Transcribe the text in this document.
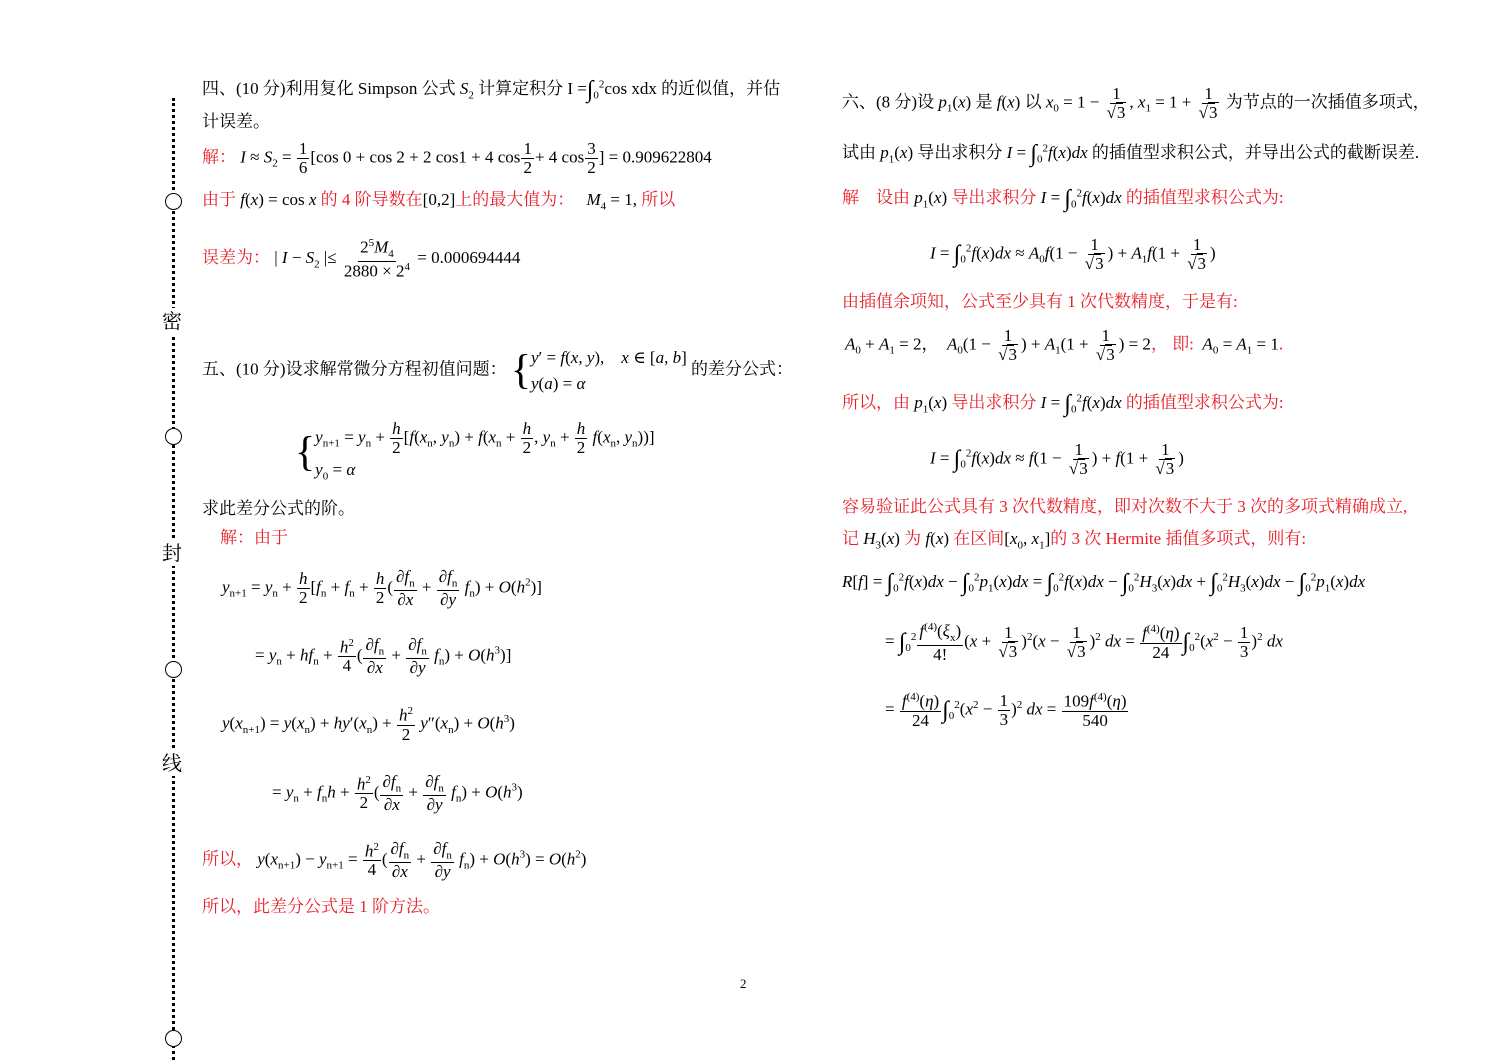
密
封
线
四、(10 分)利用复化 Simpson 公式 $S_2$ 计算定积分 $I =\int_0^2\cos$ xdx 的近似值，并估
计误差。
解： $I \approx S_2 = \frac{1}{6} [\cos$ 0 + cos 2 + 2 cos1 + 4 $\cos \frac{1}{2} + 4$ $\cos \frac{3}{2}$ ] = 0.909622804
由于 f(x) = cos x 的 4 阶导数在[0,2]上的最大值为： $M_4 = 1$, 所以
误差为： | $I - S_2$ |≤ $\frac{2^5M_4}{2880 \times 2^4} = 0.000694444$
五、(10 分)设求解常微分方程初值问题： { y′ = f(x, y),    x ∈ [a, b]
y(a) = α
的差分公式：
{ $y_{n+1} = y_n + \frac{h}{2} [f(x_n$, $y_n) + f(x_n + \frac{h}{2}$ , $y_n + \frac{h}{2} f(x_n$, $y_n$))]
$y_0 = \alpha$
求此差分公式的阶。
解：由于
$y_{n+1} = y_n + \frac{h}{2} [f_n + f_n + \frac{h}{2}$ ( $\frac{\partial f_n}{\partial x} + \frac{\partial f_n}{\partial y} f_n) + O(h^2)$]
= $y_n + hf_n + \frac{h^2}{4}$ ( $\frac{\partial f_n}{\partial x} + \frac{\partial f_n}{\partial y} f_n) + O(h^3)$]
$y(x_{n+1}) = y(x_n) + hy'(x_n) + \frac{h^2}{2} y''(x_n) + O(h^3)$
= $y_n + f_nh + \frac{h^2}{2}$ ( $\frac{\partial f_n}{\partial x} + \frac{\partial f_n}{\partial y} f_n) + O(h^3)$
所以， $y(x_{n+1}) - y_{n+1} = \frac{h^2}{4}$ ( $\frac{\partial f_n}{\partial x} + \frac{\partial f_n}{\partial y} f_n) + O(h^3) = O(h^2)$
所以，此差分公式是 1 阶方法。
六、(8 分)设 $p_1(x)$ 是 f(x) 以 $x_0 = 1 - \frac{1}{√3}$ , $x_1 = 1 + \frac{1}{√3}$ 为节点的一次插值多项式，
试由 $p_1(x)$ 导出求积分 $I = \int_0^2f(x)dx$ 的插值型求积公式，并导出公式的截断误差.
解　设由 $p_1(x)$ 导出求积分 $I = \int_0^2f(x)dx$ 的插值型求积公式为:
$I = \int_0^2f(x)dx \approx A_0f(1 - \frac{1}{√3}$ ) + $A_1f(1 + \frac{1}{√3}$ )
由插值余项知，公式至少具有 1 次代数精度，于是有:
$A_0 + A_1 = 2$，  $A_0(1 - \frac{1}{√3}$ ) + $A_1(1 + \frac{1}{√3}$ ) = 2， 即: $A_0 = A_1 = 1$.
所以，由 $p_1(x)$ 导出求积分 $I = \int_0^2f(x)dx$ 的插值型求积公式为:
$I = \int_0^2f(x)dx \approx f(1 - \frac{1}{√3}$ ) + $f(1 + \frac{1}{√3}$ )
容易验证此公式具有 3 次代数精度，即对次数不大于 3 次的多项式精确成立,
记 $H_3(x)$ 为 f(x) 在区间[$x_0$, $x_1$]的 3 次 Hermite 插值多项式，则有:
$R[f] = \int_0^2f(x)dx - \int_0^2p_1(x)dx = \int_0^2f(x)dx - \int_0^2H_3(x)dx + \int_0^2H_3(x)dx - \int_0^2p_1(x)dx$
= $\int_0^2 \frac{f^{(4)}(\xi_x)}{4!} (x + \frac{1}{√3} )^2(x - \frac{1}{√3} )^2$ dx = $\frac{f^{(4)}(\eta)}{24} \int_0^2(x^2 - \frac{1}{3} )^2$ dx
= $\frac{f^{(4)}(\eta)}{24} \int_0^2(x^2 - \frac{1}{3} )^2$ dx = $\frac{109f^{(4)}(\eta)}{540}$
2
